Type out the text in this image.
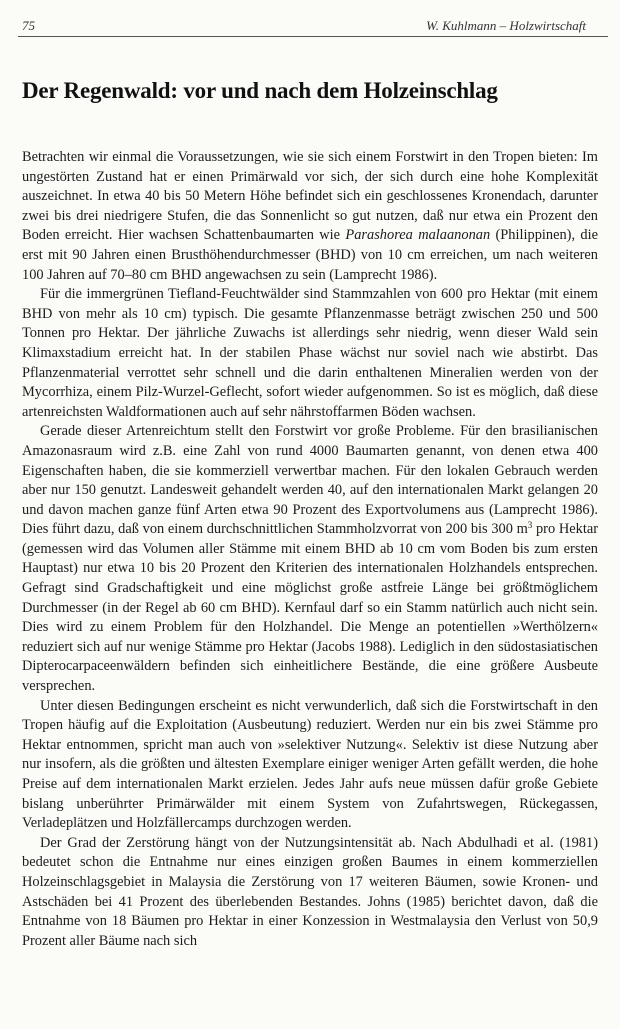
75	W. Kuhlmann – Holzwirtschaft
Der Regenwald: vor und nach dem Holzeinschlag

Betrachten wir einmal die Voraussetzungen, wie sie sich einem Forstwirt in den Tropen bieten: Im ungestörten Zustand hat er einen Primärwald vor sich, der sich durch eine hohe Komplexität auszeichnet. In etwa 40 bis 50 Metern Höhe befindet sich ein geschlossenes Kronendach, darunter zwei bis drei niedrigere Stufen, die das Sonnenlicht so gut nutzen, daß nur etwa ein Prozent den Boden erreicht. Hier wachsen Schattenbaumarten wie Parashorea malaanonan (Philippinen), die erst mit 90 Jahren einen Brusthöhendurchmesser (BHD) von 10 cm erreichen, um nach weiteren 100 Jahren auf 70–80 cm BHD angewachsen zu sein (Lamprecht 1986).

Für die immergrünen Tiefland-Feuchtwälder sind Stammzahlen von 600 pro Hektar (mit einem BHD von mehr als 10 cm) typisch. Die gesamte Pflanzenmasse beträgt zwischen 250 und 500 Tonnen pro Hektar. Der jährliche Zuwachs ist allerdings sehr niedrig, wenn dieser Wald sein Klimaxstadium erreicht hat. In der stabilen Phase wächst nur soviel nach wie abstirbt. Das Pflanzenmaterial verrottet sehr schnell und die darin enthaltenen Mineralien werden von der Mycorrhiza, einem Pilz-Wurzel-Geflecht, sofort wieder aufgenommen. So ist es möglich, daß diese artenreichsten Waldformationen auch auf sehr nährstoffarmen Böden wachsen.

Gerade dieser Artenreichtum stellt den Forstwirt vor große Probleme. Für den brasilianischen Amazonasraum wird z.B. eine Zahl von rund 4000 Baumarten genannt, von denen etwa 400 Eigenschaften haben, die sie kommerziell verwertbar machen. Für den lokalen Gebrauch werden aber nur 150 genutzt. Landesweit gehandelt werden 40, auf den internationalen Markt gelangen 20 und davon machen ganze fünf Arten etwa 90 Prozent des Exportvolumens aus (Lamprecht 1986). Dies führt dazu, daß von einem durchschnittlichen Stammholzvorrat von 200 bis 300 $m^3$ pro Hektar (gemessen wird das Volumen aller Stämme mit einem BHD ab 10 cm vom Boden bis zum ersten Hauptast) nur etwa 10 bis 20 Prozent den Kriterien des internationalen Holzhandels entsprechen. Gefragt sind Gradschaftigkeit und eine möglichst große astfreie Länge bei größtmöglichem Durchmesser (in der Regel ab 60 cm BHD). Kernfaul darf so ein Stamm natürlich auch nicht sein. Dies wird zu einem Problem für den Holzhandel. Die Menge an potentiellen »Werthölzern« reduziert sich auf nur wenige Stämme pro Hektar (Jacobs 1988). Lediglich in den südostasiatischen Dipterocarpaceenwäldern befinden sich einheitlichere Bestände, die eine größere Ausbeute versprechen.

Unter diesen Bedingungen erscheint es nicht verwunderlich, daß sich die Forstwirtschaft in den Tropen häufig auf die Exploitation (Ausbeutung) reduziert. Werden nur ein bis zwei Stämme pro Hektar entnommen, spricht man auch von »selektiver Nutzung«. Selektiv ist diese Nutzung aber nur insofern, als die größten und ältesten Exemplare einiger weniger Arten gefällt werden, die hohe Preise auf dem internationalen Markt erzielen. Jedes Jahr aufs neue müssen dafür große Gebiete bislang unberührter Primärwälder mit einem System von Zufahrtswegen, Rückegassen, Verladeplätzen und Holzfällercamps durchzogen werden.

Der Grad der Zerstörung hängt von der Nutzungsintensität ab. Nach Abdulhadi et al. (1981) bedeutet schon die Entnahme nur eines einzigen großen Baumes in einem kommerziellen Holzeinschlagsgebiet in Malaysia die Zerstörung von 17 weiteren Bäumen, sowie Kronen- und Astschäden bei 41 Prozent des überlebenden Bestandes. Johns (1985) berichtet davon, daß die Entnahme von 18 Bäumen pro Hektar in einer Konzession in Westmalaysia den Verlust von 50,9 Prozent aller Bäume nach sich
